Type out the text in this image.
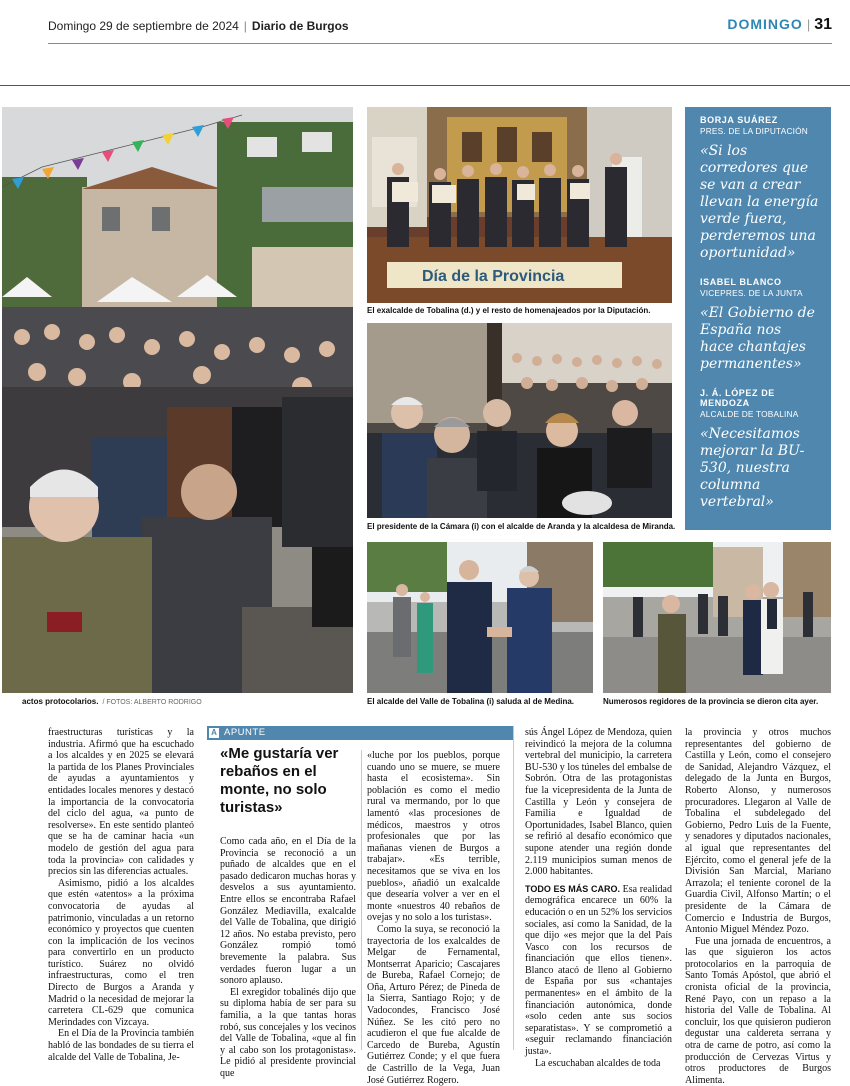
Domingo 29 de septiembre de 2024 | Diario de Burgos	DOMINGO | 31
actos protocolarios. / FOTOS: ALBERTO RODRIGO
Día de la Provincia
El exalcalde de Tobalina (d.) y el resto de homenajeados por la Diputación.
El presidente de la Cámara (i) con el alcalde de Aranda y la alcaldesa de Miranda.
El alcalde del Valle de Tobalina (i) saluda al de Medina.	Numerosos regidores de la provincia se dieron cita ayer.
BORJA SUÁREZ
PRES. DE LA DIPUTACIÓN
«Si los corredores que se van a crear llevan la energía verde fuera, perderemos una oportunidad»
ISABEL BLANCO
VICEPRES. DE LA JUNTA
«El Gobierno de España nos hace chantajes permanentes»
J. Á. LÓPEZ DE MENDOZA
ALCALDE DE TOBALINA
«Necesitamos mejorar la BU-530, nuestra columna vertebral»

fraestructuras turísticas y la industria. Afirmó que ha escuchado a los alcaldes y en 2025 se elevará la partida de los Planes Provinciales de ayudas a ayuntamientos y entidades locales menores y destacó la importancia de la convocatoria del ciclo del agua, «a punto de resolverse». En este sentido planteó que se ha de caminar hacia «un modelo de gestión del agua para toda la provincia» con calidades y precios sin las diferencias actuales.

Asimismo, pidió a los alcaldes que estén «atentos» a la próxima convocatoria de ayudas al patrimonio, vinculadas a un retorno económico y proyectos que cuenten con la implicación de los vecinos para convertirlo en un producto turístico. Suárez no olvidó infraestructuras, como el tren Directo de Burgos a Aranda y Madrid o la necesidad de mejorar la carretera CL-629 que comunica Merindades con Vizcaya.

En el Día de la Provincia también habló de las bondades de su tierra el alcalde del Valle de Tobalina, Je-

A APUNTE
«Me gustaría ver rebaños en el monte, no solo turistas»

Como cada año, en el Día de la Provincia se reconoció a un puñado de alcaldes que en el pasado dedicaron muchas horas y desvelos a sus ayuntamiento. Entre ellos se encontraba Rafael González Mediavilla, exalcalde del Valle de Tobalina, que dirigió 12 años. No estaba previsto, pero González rompió tomó brevemente la palabra. Sus verdades fueron lugar a un sonoro aplauso.

El exregidor tobalinés dijo que su diploma había de ser para su familia, a la que tantas horas robó, sus concejales y los vecinos del Valle de Tobalina, «que al fin y al cabo son los protagonistas». Le pidió al presidente provincial que

«luche por los pueblos, porque cuando uno se muere, se muere hasta el ecosistema». Sin población es como el medio rural va mermando, por lo que lamentó «las procesiones de médicos, maestros y otros profesionales que por las mañanas vienen de Burgos a trabajar». «Es terrible, necesitamos que se viva en los pueblos», añadió un exalcalde que desearía volver a ver en el monte «nuestros 40 rebaños de ovejas y no solo a los turistas».

Como la suya, se reconoció la trayectoria de los exalcaldes de Melgar de Fernamental, Montserrat Aparicio; Cascajares de Bureba, Rafael Cornejo; de Oña, Arturo Pérez; de Pineda de la Sierra, Santiago Rojo; y de Vadocondes, Francisco José Núñez. Se les citó pero no acudieron el que fue alcalde de Carcedo de Bureba, Agustín Gutiérrez Conde; y el que fuera de Castrillo de la Vega, Juan José Gutiérrez Rogero.

sús Ángel López de Mendoza, quien reivindicó la mejora de la columna vertebral del municipio, la carretera BU-530 y los túneles del embalse de Sobrón. Otra de las protagonistas fue la vicepresidenta de la Junta de Castilla y León y consejera de Familia e Igualdad de Oportunidades, Isabel Blanco, quien se refirió al desafío económico que supone atender una región donde 2.119 municipios suman menos de 2.000 habitantes.

TODO ES MÁS CARO. Esa realidad demográfica encarece un 60% la educación o en un 52% los servicios sociales, así como la Sanidad, de la que dijo «es mejor que la del País Vasco con los recursos de financiación que ellos tienen». Blanco atacó de lleno al Gobierno de España por sus «chantajes permanentes» en el ámbito de la financiación autonómica, donde «solo ceden ante sus socios separatistas». Y se comprometió a «seguir reclamando financiación justa».

La escuchaban alcaldes de toda

la provincia y otros muchos representantes del gobierno de Castilla y León, como el consejero de Sanidad, Alejandro Vázquez, el delegado de la Junta en Burgos, Roberto Alonso, y numerosos procuradores. Llegaron al Valle de Tobalina el subdelegado del Gobierno, Pedro Luis de la Fuente, y senadores y diputados nacionales, al igual que representantes del Ejército, como el general jefe de la División San Marcial, Mariano Arrazola; el teniente coronel de la Guardia Civil, Alfonso Martín; o el presidente de la Cámara de Comercio e Industria de Burgos, Antonio Miguel Méndez Pozo.

Fue una jornada de encuentros, a las que siguieron los actos protocolarios en la parroquia de Santo Tomás Apóstol, que abrió el cronista oficial de la provincia, René Payo, con un repaso a la historia del Valle de Tobalina. Al concluir, los que quisieron pudieron degustar una caldereta serrana y otra de carne de potro, así como la producción de Cervezas Virtus y otros productores de Burgos Alimenta.
